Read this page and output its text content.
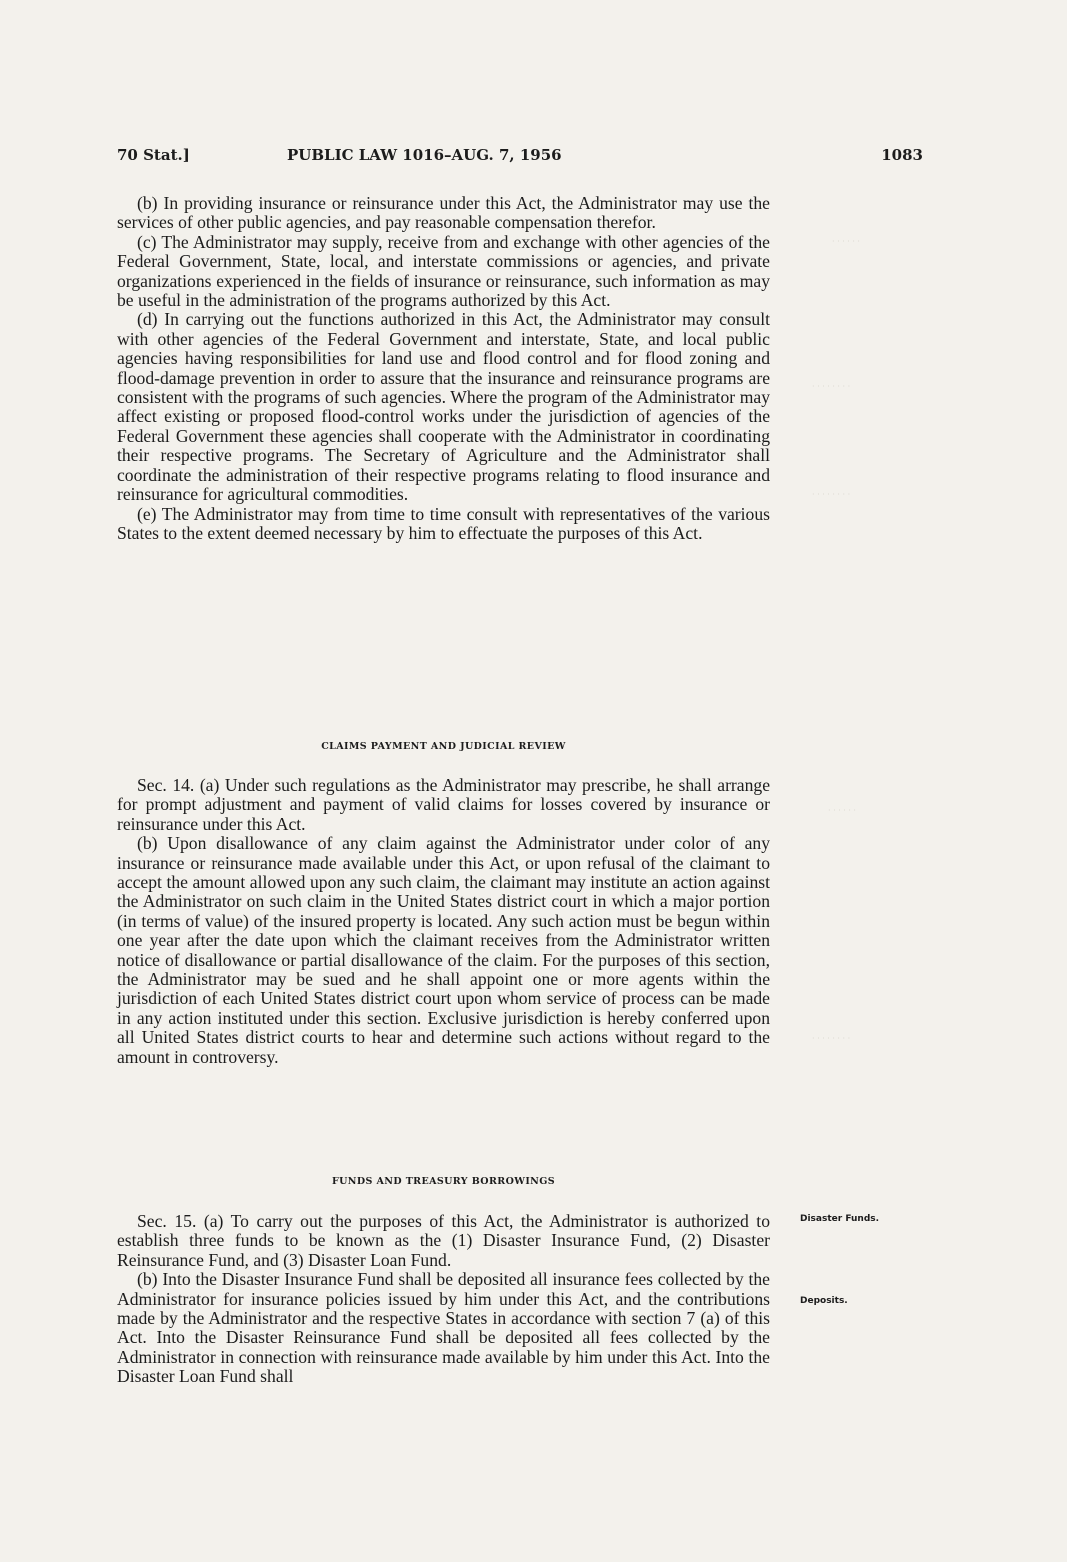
· · · · · ·
· · · · · · · ·
· · · · · · · ·
· · · · · ·
· · · · · · · ·
70 Stat.]	PUBLIC LAW 1016–AUG. 7, 1956	1083

(b) In providing insurance or reinsurance under this Act, the Administrator may use the services of other public agencies, and pay reasonable compensation therefor.

(c) The Administrator may supply, receive from and exchange with other agencies of the Federal Government, State, local, and interstate commissions or agencies, and private organizations experienced in the fields of insurance or reinsurance, such information as may be useful in the administration of the programs authorized by this Act.

(d) In carrying out the functions authorized in this Act, the Administrator may consult with other agencies of the Federal Government and interstate, State, and local public agencies having responsibilities for land use and flood control and for flood zoning and flood-damage prevention in order to assure that the insurance and reinsurance programs are consistent with the programs of such agencies. Where the program of the Administrator may affect existing or proposed flood-control works under the jurisdiction of agencies of the Federal Government these agencies shall cooperate with the Administrator in coordinating their respective programs. The Secretary of Agriculture and the Administrator shall coordinate the administration of their respective programs relating to flood insurance and reinsurance for agricultural commodities.

(e) The Administrator may from time to time consult with representatives of the various States to the extent deemed necessary by him to effectuate the purposes of this Act.

CLAIMS PAYMENT AND JUDICIAL REVIEW

Sec. 14. (a) Under such regulations as the Administrator may prescribe, he shall arrange for prompt adjustment and payment of valid claims for losses covered by insurance or reinsurance under this Act.

(b) Upon disallowance of any claim against the Administrator under color of any insurance or reinsurance made available under this Act, or upon refusal of the claimant to accept the amount allowed upon any such claim, the claimant may institute an action against the Administrator on such claim in the United States district court in which a major portion (in terms of value) of the insured property is located. Any such action must be begun within one year after the date upon which the claimant receives from the Administrator written notice of disallowance or partial disallowance of the claim. For the purposes of this section, the Administrator may be sued and he shall appoint one or more agents within the jurisdiction of each United States district court upon whom service of process can be made in any action instituted under this section. Exclusive jurisdiction is hereby conferred upon all United States district courts to hear and determine such actions without regard to the amount in controversy.

FUNDS AND TREASURY BORROWINGS

Sec. 15. (a) To carry out the purposes of this Act, the Administrator is authorized to establish three funds to be known as the (1) Disaster Insurance Fund, (2) Disaster Reinsurance Fund, and (3) Disaster Loan Fund.

(b) Into the Disaster Insurance Fund shall be deposited all insurance fees collected by the Administrator for insurance policies issued by him under this Act, and the contributions made by the Administrator and the respective States in accordance with section 7 (a) of this Act. Into the Disaster Reinsurance Fund shall be deposited all fees collected by the Administrator in connection with reinsurance made available by him under this Act. Into the Disaster Loan Fund shall

Disaster Funds.
Deposits.
